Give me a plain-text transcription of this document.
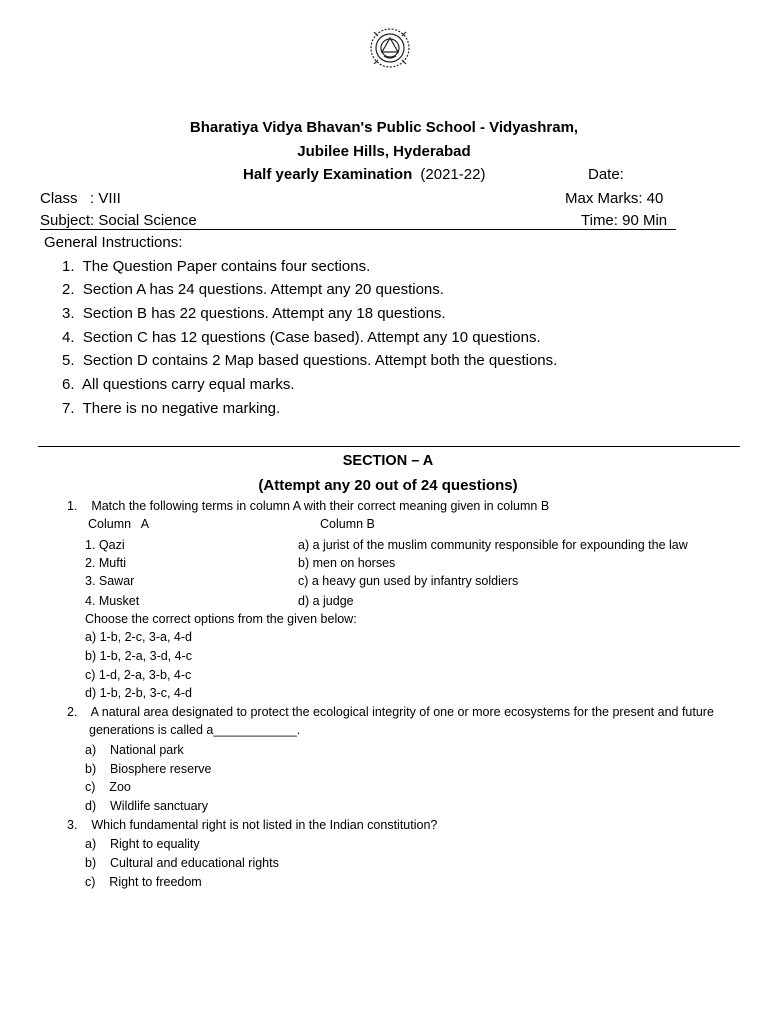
Bharatiya Vidya Bhavan's Public School - Vidyashram,
Jubilee Hills, Hyderabad
Half yearly Examination (2021-22)	Date:
Class   : VIII	Max Marks: 40
Subject: Social Science	Time: 90 Min
General Instructions:
1.  The Question Paper contains four sections.
2.  Section A has 24 questions. Attempt any 20 questions.
3.  Section B has 22 questions. Attempt any 18 questions.
4.  Section C has 12 questions (Case based). Attempt any 10 questions.
5.  Section D contains 2 Map based questions. Attempt both the questions.
6.  All questions carry equal marks.
7.  There is no negative marking.
SECTION – A
(Attempt any 20 out of 24 questions)
1.    Match the following terms in column A with their correct meaning given in column B
Column   A	Column B
1. Qazi	a) a jurist of the muslim community responsible for expounding the law
2. Mufti	b) men on horses
3. Sawar	c) a heavy gun used by infantry soldiers
4. Musket	d) a judge
Choose the correct options from the given below:
a) 1-b, 2-c, 3-a, 4-d
b) 1-b, 2-a, 3-d, 4-c
c) 1-d, 2-a, 3-b, 4-c
d) 1-b, 2-b, 3-c, 4-d
2.    A natural area designated to protect the ecological integrity of one or more ecosystems for the present and future
generations is called a____________.
a)    National park
b)    Biosphere reserve
c)    Zoo
d)    Wildlife sanctuary
3.    Which fundamental right is not listed in the Indian constitution?
a)    Right to equality
b)    Cultural and educational rights
c)    Right to freedom
